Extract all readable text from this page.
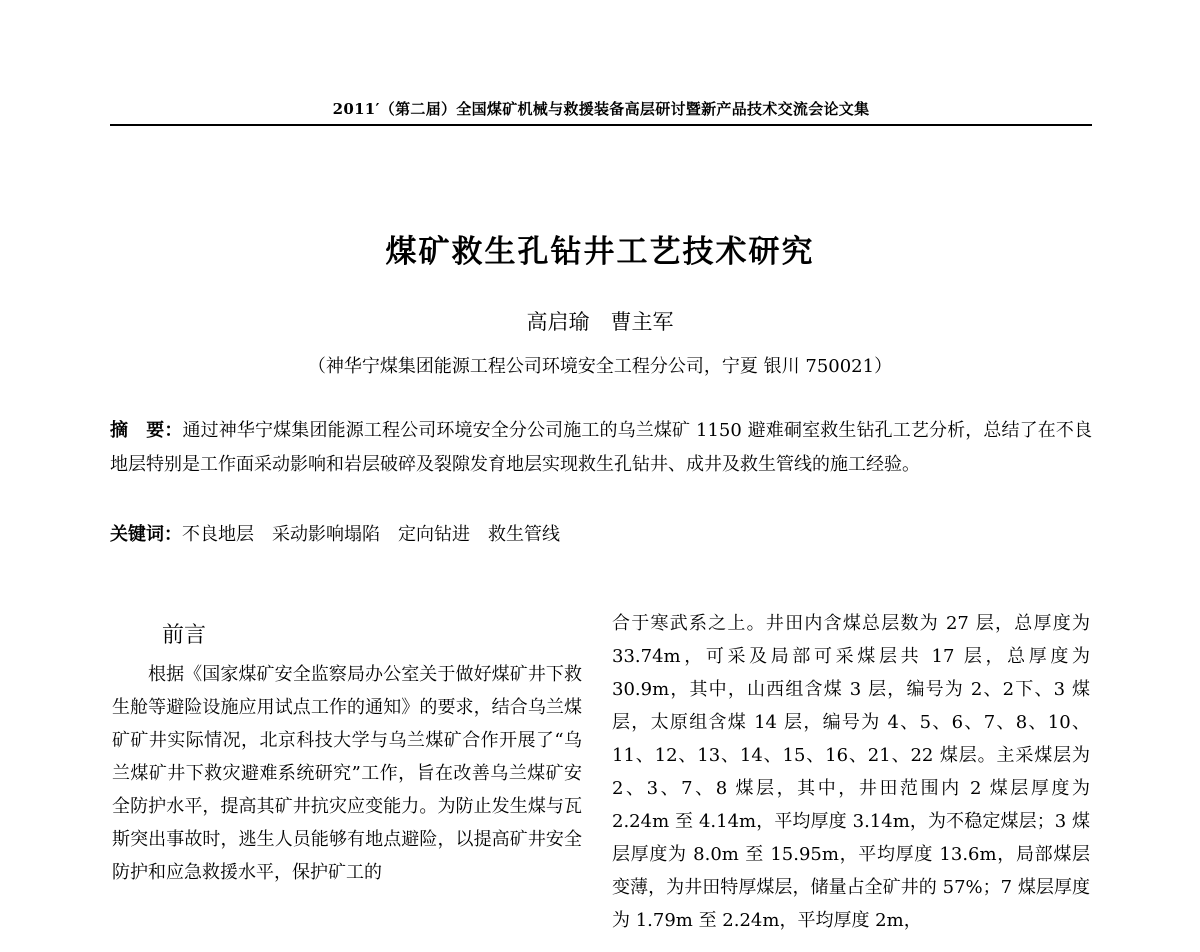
2011′（第二届）全国煤矿机械与救援装备高层研讨暨新产品技术交流会论文集
煤矿救生孔钻井工艺技术研究
高启瑜　曹主军
（神华宁煤集团能源工程公司环境安全工程分公司，宁夏 银川 750021）
摘　要：通过神华宁煤集团能源工程公司环境安全分公司施工的乌兰煤矿 1150 避难硐室救生钻孔工艺分析，总结了在不良地层特别是工作面采动影响和岩层破碎及裂隙发育地层实现救生孔钻井、成井及救生管线的施工经验。
关键词：不良地层　采动影响塌陷　定向钻进　救生管线
前言
根据《国家煤矿安全监察局办公室关于做好煤矿井下救生舱等避险设施应用试点工作的通知》的要求，结合乌兰煤矿矿井实际情况，北京科技大学与乌兰煤矿合作开展了“乌兰煤矿井下救灾避难系统研究”工作，旨在改善乌兰煤矿安全防护水平，提高其矿井抗灾应变能力。为防止发生煤与瓦斯突出事故时，逃生人员能够有地点避险，以提高矿井安全防护和应急救援水平，保护矿工的
合于寒武系之上。井田内含煤总层数为 27 层，总厚度为 33.74m，可采及局部可采煤层共 17 层，总厚度为 30.9m，其中，山西组含煤 3 层，编号为 2、2下、3 煤层，太原组含煤 14 层，编号为 4、5、6、7、8、10、11、12、13、14、15、16、21、22 煤层。主采煤层为 2、3、7、8 煤层，其中，井田范围内 2 煤层厚度为 2.24m 至 4.14m，平均厚度 3.14m，为不稳定煤层；3 煤层厚度为 8.0m 至 15.95m，平均厚度 13.6m，局部煤层变薄，为井田特厚煤层，储量占全矿井的 57%；7 煤层厚度为 1.79m 至 2.24m，平均厚度 2m，
